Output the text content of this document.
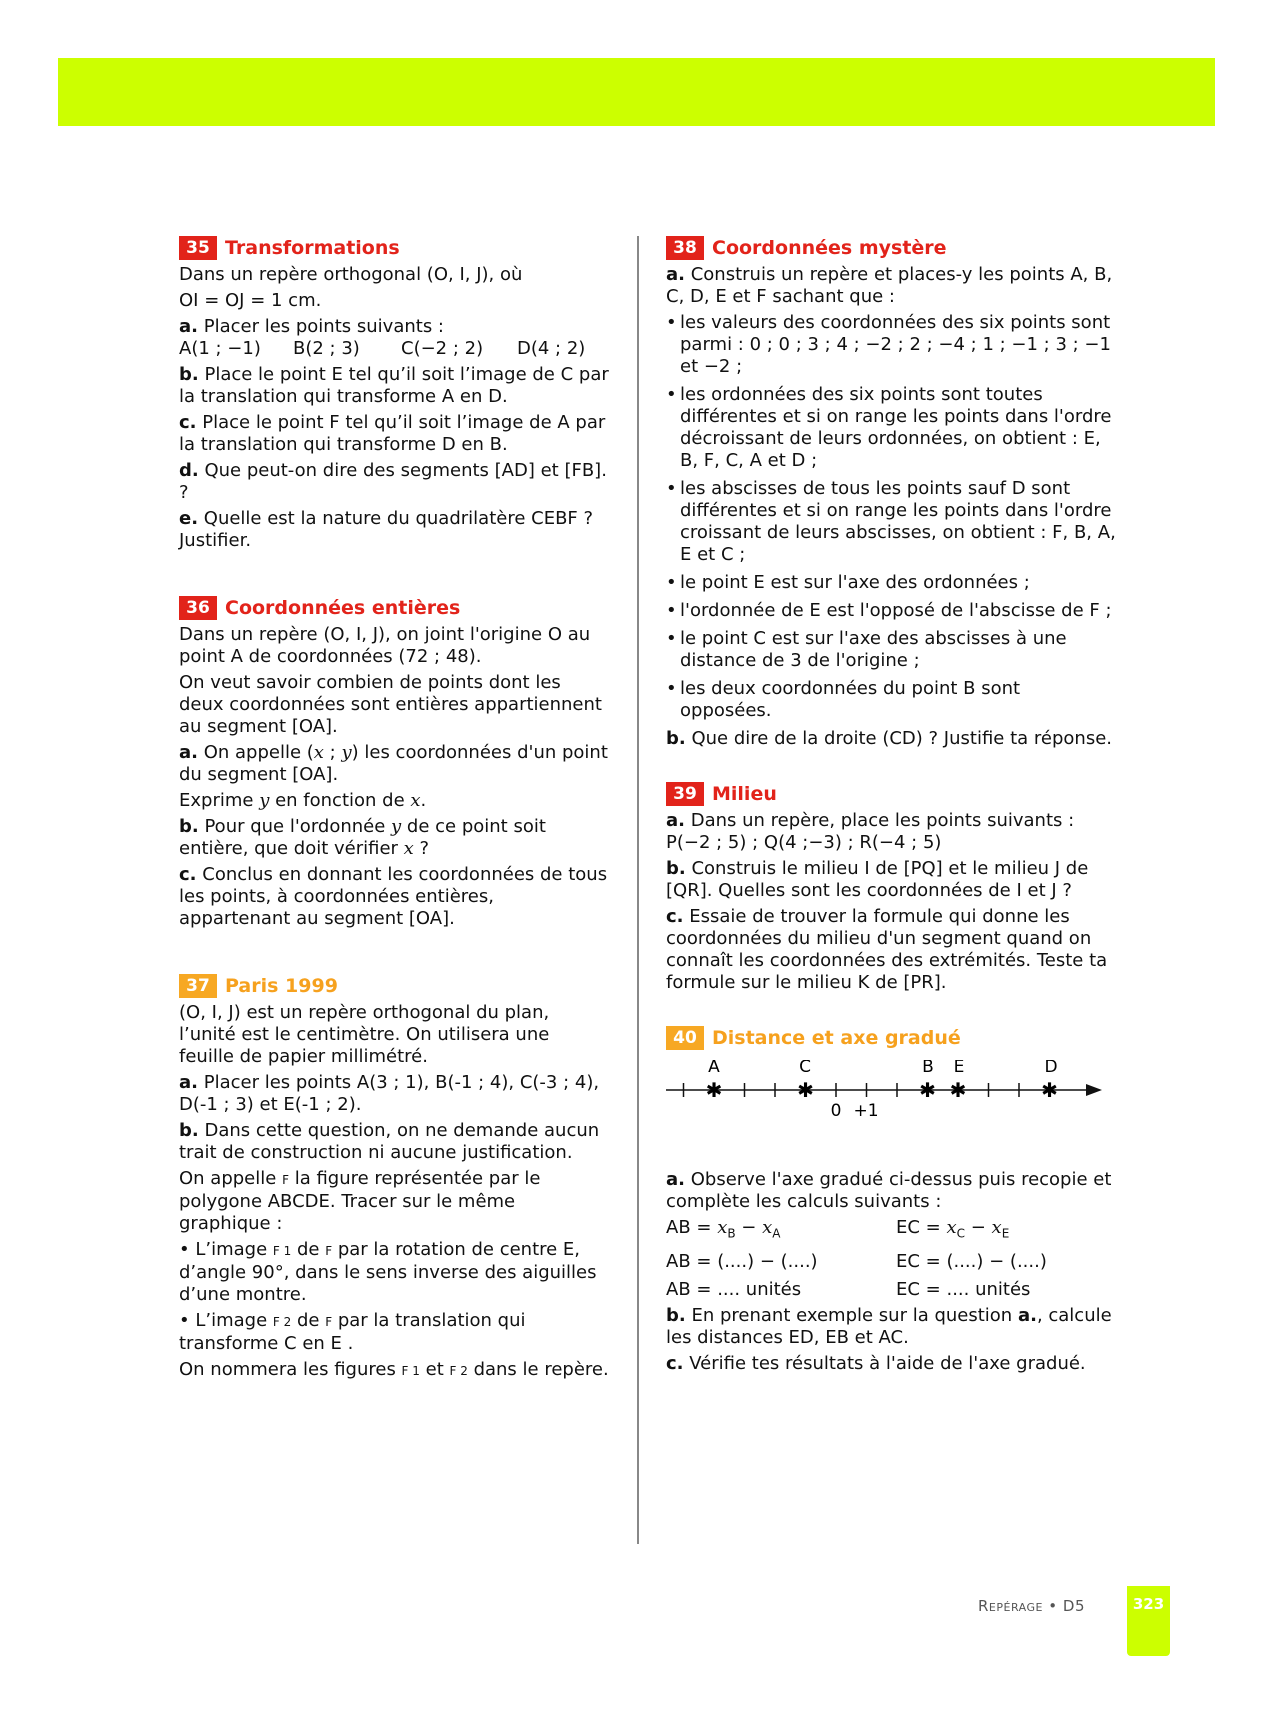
35 Transformations

Dans un repère orthogonal (O, I, J), où

OI = OJ = 1 cm.

a. Placer les points suivants :

A(1 ; −1)	B(2 ; 3)	C(−2 ; 2)	D(4 ; 2)

b. Place le point E tel qu’il soit l’image de C par la translation qui transforme A en D.

c. Place le point F tel qu’il soit l’image de A par la translation qui transforme D en B.

d. Que peut-on dire des segments [AD] et [FB]. ?

e. Quelle est la nature du quadrilatère CEBF ? Justifier.

36 Coordonnées entières

Dans un repère (O, I, J), on joint l'origine O au point A de coordonnées (72 ; 48).

On veut savoir combien de points dont les deux coordonnées sont entières appartiennent au segment [OA].

a. On appelle (x ; y) les coordonnées d'un point du segment [OA].

Exprime y en fonction de x.

b. Pour que l'ordonnée y de ce point soit entière, que doit vérifier x ?

c. Conclus en donnant les coordonnées de tous les points, à coordonnées entières, appartenant au segment [OA].

37 Paris 1999

(O, I, J) est un repère orthogonal du plan, l’unité est le centimètre. On utilisera une feuille de papier millimétré.

a. Placer les points A(3 ; 1), B(-1 ; 4), C(-3 ; 4), D(-1 ; 3) et E(-1 ; 2).

b. Dans cette question, on ne demande aucun trait de construction ni aucune justification.

On appelle F la figure représentée par le polygone ABCDE. Tracer sur le même graphique :

• L’image F 1 de F par la rotation de centre E, d’angle 90°, dans le sens inverse des aiguilles d’une montre.

• L’image F 2 de F par la translation qui transforme C en E .

On nommera les figures F 1 et F 2 dans le repère.

38 Coordonnées mystère

a. Construis un repère et places-y les points A, B, C, D, E et F sachant que :

• les valeurs des coordonnées des six points sont parmi : 0 ; 0 ; 3 ; 4 ; −2 ; 2 ; −4 ; 1 ; −1 ; 3 ; −1 et −2 ;
• les ordonnées des six points sont toutes différentes et si on range les points dans l'ordre décroissant de leurs ordonnées, on obtient : E, B, F, C, A et D ;
• les abscisses de tous les points sauf D sont différentes et si on range les points dans l'ordre croissant de leurs abscisses, on obtient : F, B, A, E et C ;
• le point E est sur l'axe des ordonnées ;
• l'ordonnée de E est l'opposé de l'abscisse de F ;
• le point C est sur l'axe des abscisses à une distance de 3 de l'origine ;
• les deux coordonnées du point B sont opposées.

b. Que dire de la droite (CD) ? Justifie ta réponse.

39 Milieu

a. Dans un repère, place les points suivants : P(−2 ; 5) ; Q(4 ;−3) ; R(−4 ; 5)

b. Construis le milieu I de [PQ] et le milieu J de [QR]. Quelles sont les coordonnées de I et J ?

c. Essaie de trouver la formule qui donne les coordonnées du milieu d'un segment quand on connaît les coordonnées des extrémités. Teste ta formule sur le milieu K de [PR].

40 Distance et axe gradué
✱	✱	✱ ✱	✱
A	C	B E	D
0 +1

a. Observe l'axe gradué ci-dessus puis recopie et complète les calculs suivants :

AB = $x_B - x_A$	EC = $x_C - x_E$
AB = (....) − (....)	EC = (....) − (....)
AB = .... unités	EC = .... unités

b. En prenant exemple sur la question a., calcule les distances ED, EB et AC.

c. Vérifie tes résultats à l'aide de l'axe gradué.

Repérage • D5	323
